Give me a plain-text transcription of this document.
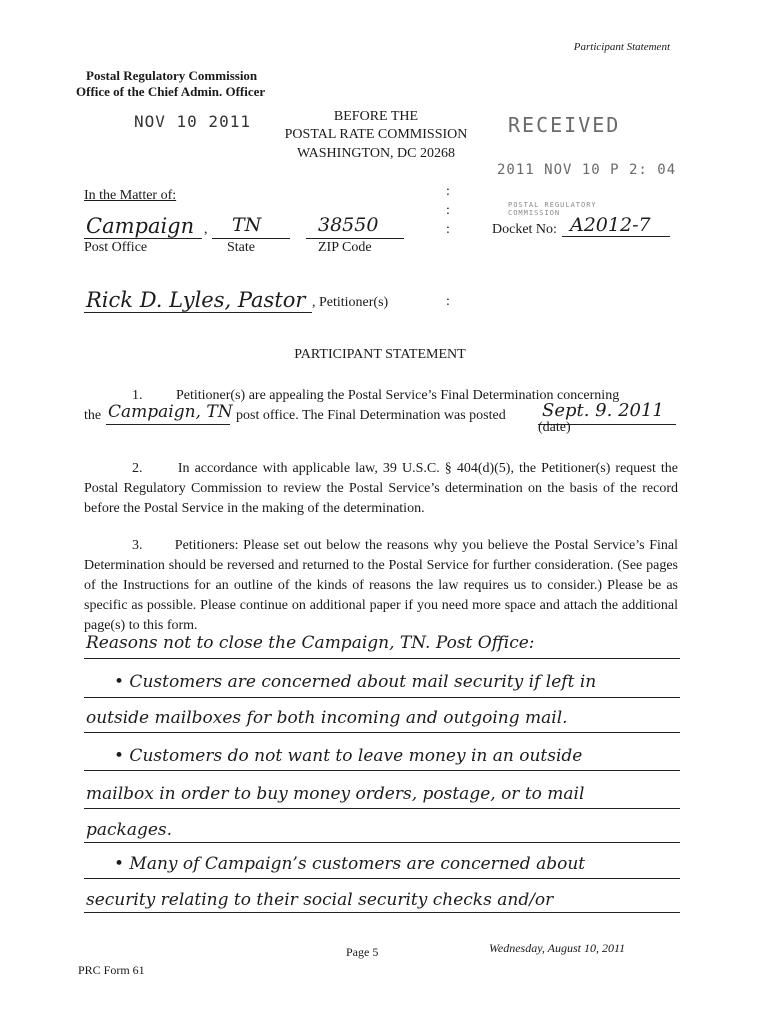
Participant Statement
Postal Regulatory Commission
Office of the Chief Admin. Officer
NOV 10 2011	BEFORE THE
POSTAL RATE COMMISSION
WASHINGTON, DC 20268
RECEIVED
2011 NOV 10 P 2: 04
POSTAL REGULATORY COMMISSION
In the Matter of:	:
:
Campaign , TN	38550	:
Post Office	State	ZIP Code
Docket No: A2012-7
Rick D. Lyles, Pastor , Petitioner(s)	:
PARTICIPANT STATEMENT
1. Petitioner(s) are appealing the Postal Service’s Final Determination concerning
the Campaign, TN post office. The Final Determination was posted Sept. 9. 2011
(date)
2.	In accordance with applicable law, 39 U.S.C. § 404(d)(5), the Petitioner(s) request the Postal Regulatory Commission to review the Postal Service’s determination on the basis of the record before the Postal Service in the making of the determination.
3. Petitioners: Please set out below the reasons why you believe the Postal Service’s Final Determination should be reversed and returned to the Postal Service for further consideration. (See pages of the Instructions for an outline of the kinds of reasons the law requires us to consider.) Please be as specific as possible. Please continue on additional paper if you need more space and attach the additional page(s) to this form.
Reasons not to close the Campaign, TN. Post Office:
• Customers are concerned about mail security if left in
outside mailboxes for both incoming and outgoing mail.
• Customers do not want to leave money in an outside
mailbox in order to buy money orders, postage, or to mail
packages.
• Many of Campaign’s customers are concerned about
security relating to their social security checks and/or
Page 5	Wednesday, August 10, 2011
PRC Form 61
